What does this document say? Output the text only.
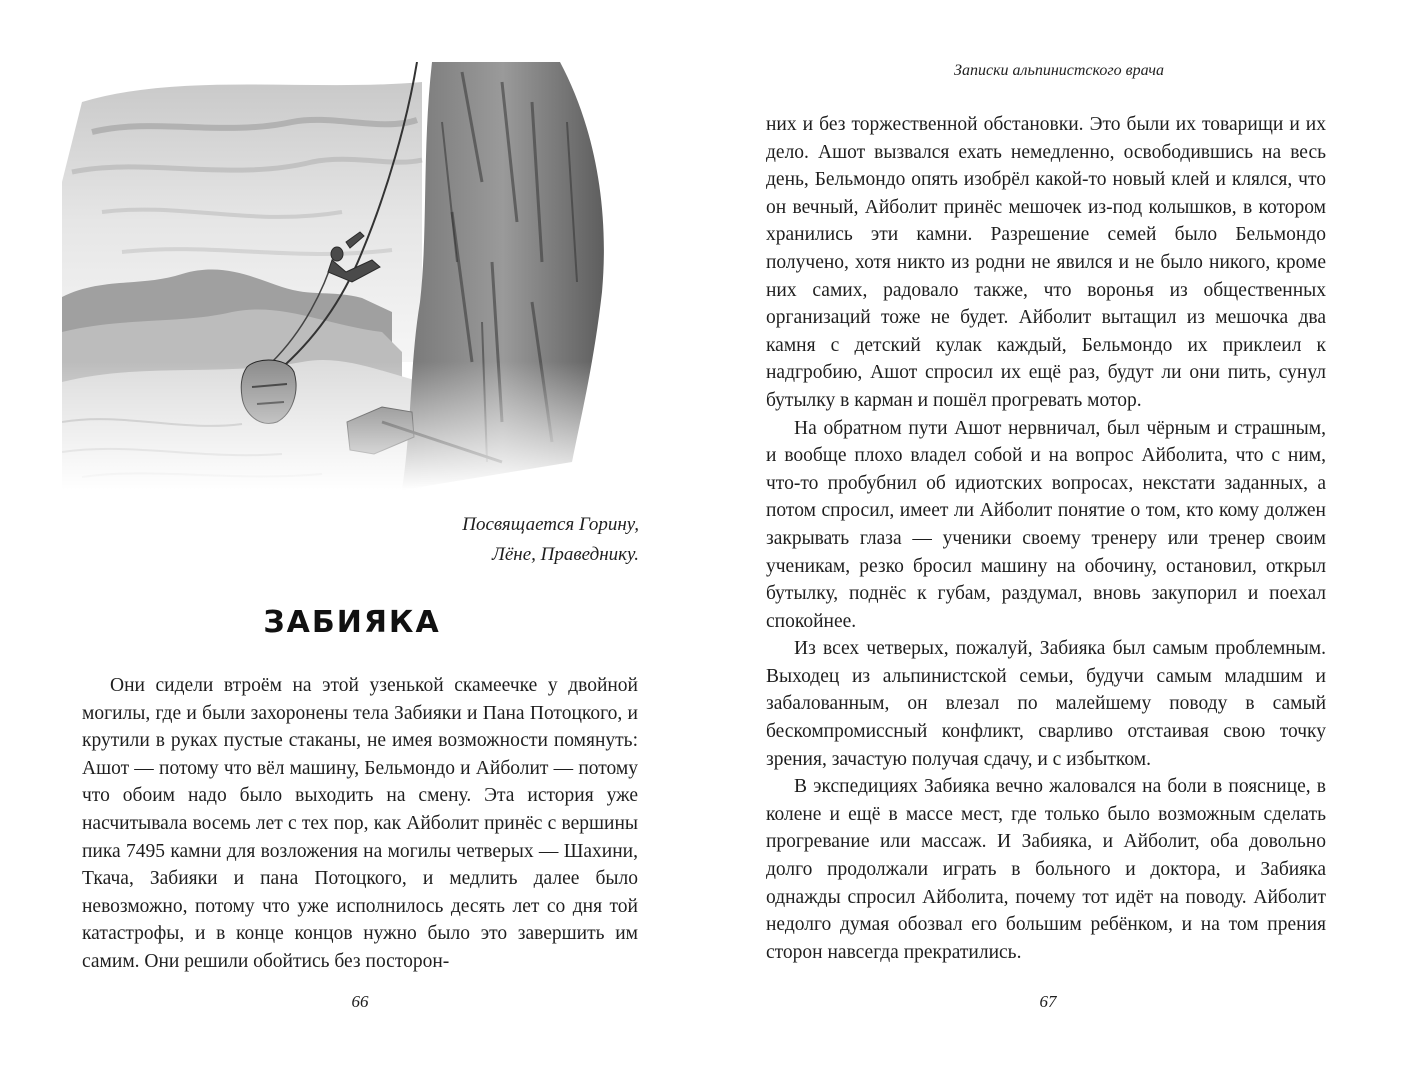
Посвящается Горину,

Лёне, Праведнику.

ЗАБИЯКА

Они сидели втроём на этой узенькой скамеечке у двойной могилы, где и были захоронены тела Забияки и Пана Потоцкого, и крутили в руках пустые стаканы, не имея возможности помянуть: Ашот — потому что вёл машину, Бельмондо и Айболит — потому что обоим надо было выходить на смену. Эта история уже насчитывала восемь лет с тех пор, как Айболит принёс с вершины пика 7495 камни для возложения на могилы четверых — Шахини, Ткача, Забияки и пана Потоцкого, и медлить далее было невозможно, потому что уже исполнилось десять лет со дня той катастрофы, и в конце концов нужно было это завершить им самим. Они решили обойтись без посторон-

66
Записки альпинистского врача

них и без торжественной обстановки. Это были их товарищи и их дело. Ашот вызвался ехать немедленно, освободившись на весь день, Бельмондо опять изобрёл какой-то новый клей и клялся, что он вечный, Айболит принёс мешочек из-под колышков, в котором хранились эти камни. Разрешение семей было Бельмондо получено, хотя никто из родни не явился и не было никого, кроме них самих, радовало также, что воронья из общественных организаций тоже не будет. Айболит вытащил из мешочка два камня с детский кулак каждый, Бельмондо их приклеил к надгробию, Ашот спросил их ещё раз, будут ли они пить, сунул бутылку в карман и пошёл прогревать мотор.

На обратном пути Ашот нервничал, был чёрным и страшным, и вообще плохо владел собой и на вопрос Айболита, что с ним, что-то пробубнил об идиотских вопросах, некстати заданных, а потом спросил, имеет ли Айболит понятие о том, кто кому должен закрывать глаза — ученики своему тренеру или тренер своим ученикам, резко бросил машину на обочину, остановил, открыл бутылку, поднёс к губам, раздумал, вновь закупорил и поехал спокойнее.

Из всех четверых, пожалуй, Забияка был самым проблемным. Выходец из альпинистской семьи, будучи самым младшим и забалованным, он влезал по малейшему поводу в самый бескомпромиссный конфликт, сварливо отстаивая свою точку зрения, зачастую получая сдачу, и с избытком.

В экспедициях Забияка вечно жаловался на боли в пояснице, в колене и ещё в массе мест, где только было возможным сделать прогревание или массаж. И Забияка, и Айболит, оба довольно долго продолжали играть в больного и доктора, и Забияка однажды спросил Айболита, почему тот идёт на поводу. Айболит недолго думая обозвал его большим ребёнком, и на том прения сторон навсегда прекратились.

67
